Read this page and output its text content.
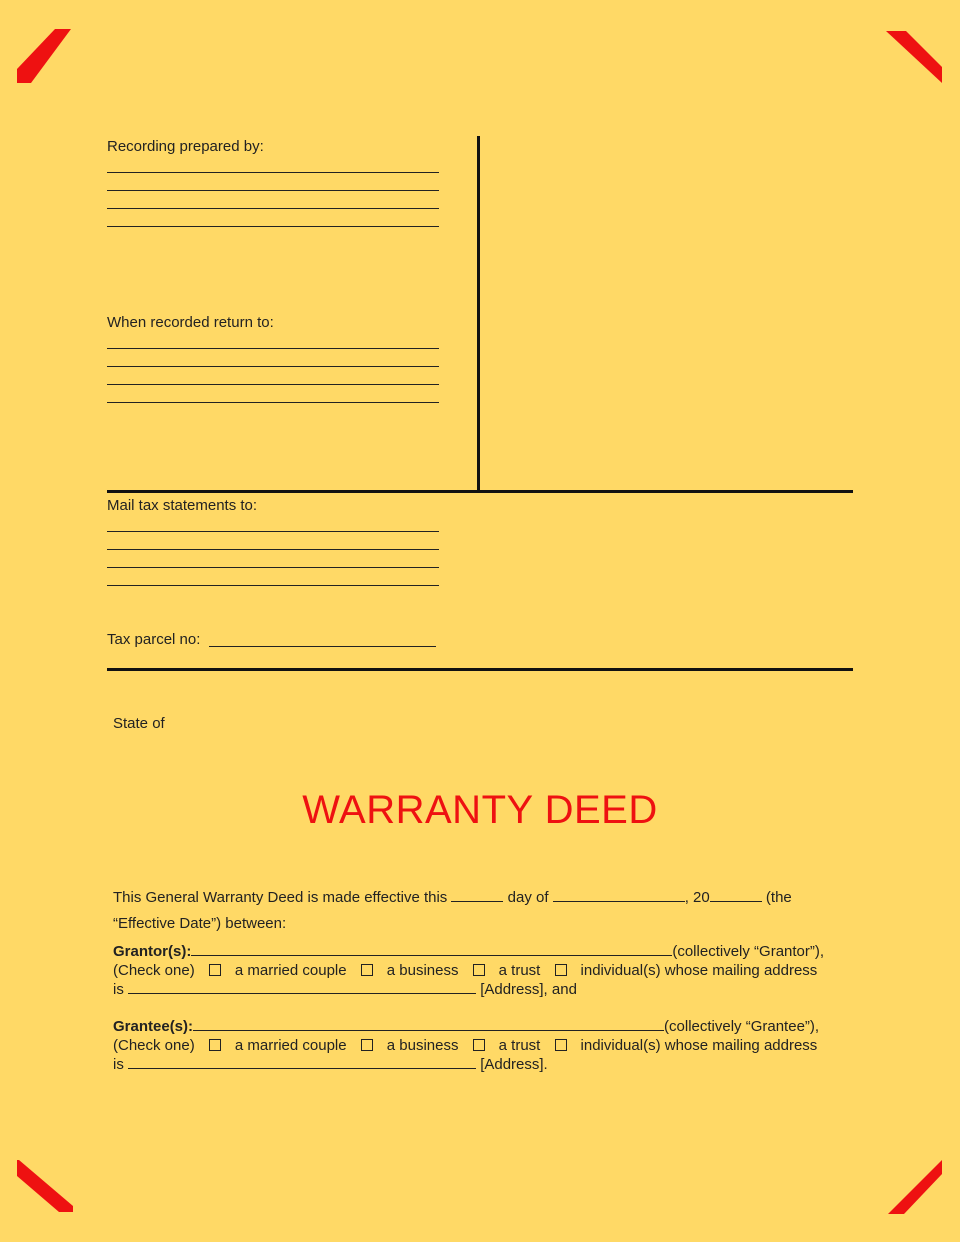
Recording prepared by:
When recorded return to:
Mail tax statements to:
Tax parcel no:
State of
WARRANTY DEED
This General Warranty Deed is made effective this	day of	, 20	(the
“Effective Date”) between:
Grantor(s):	(collectively “Grantor”),
(Check one)	a married couple	a business	a trust	individual(s) whose mailing address
is	[Address], and
Grantee(s):	(collectively “Grantee”),
(Check one)	a married couple	a business	a trust	individual(s) whose mailing address
is	[Address].
